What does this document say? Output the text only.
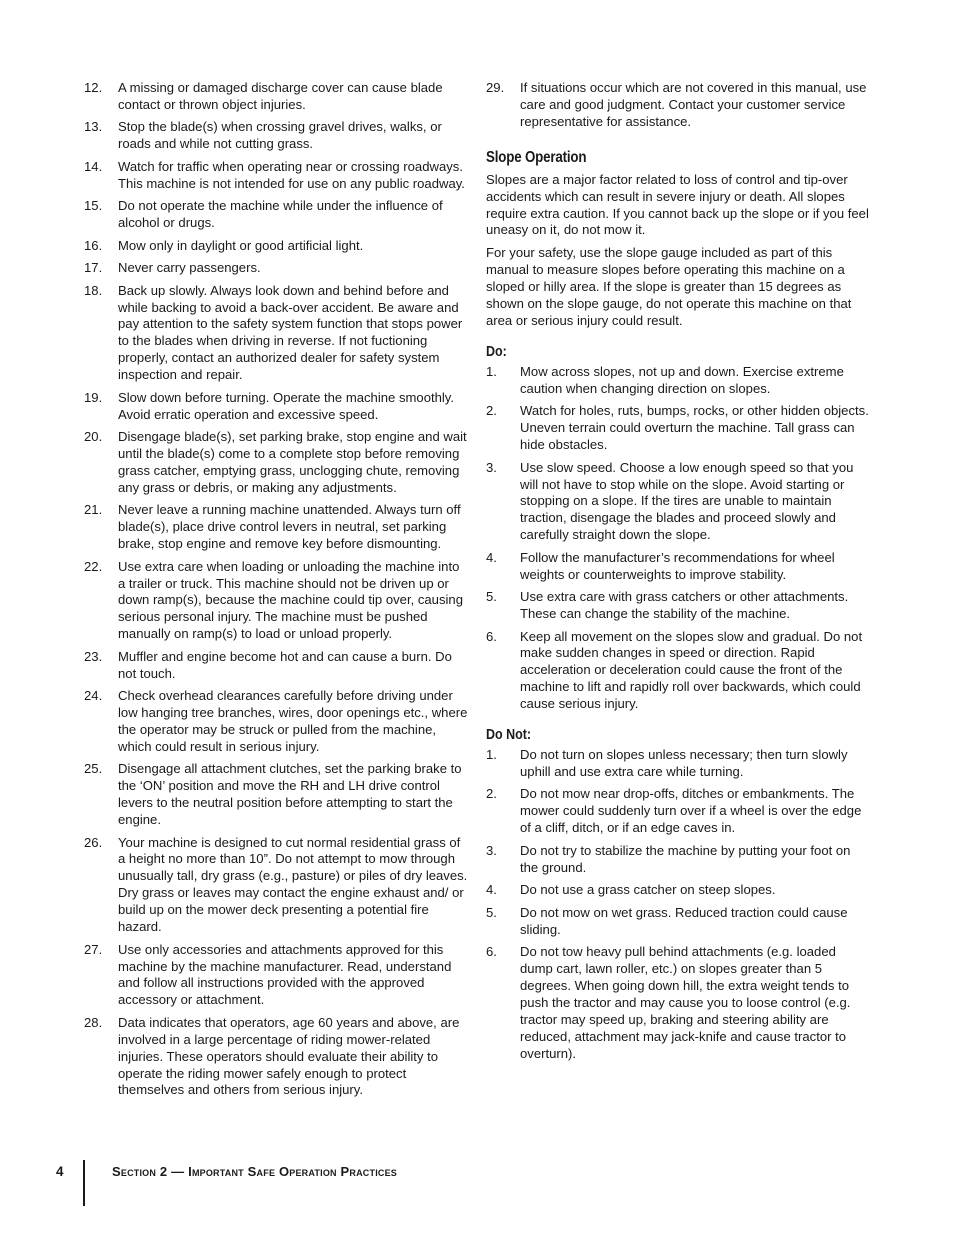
12.	A missing or damaged discharge cover can cause blade contact or thrown object injuries.
13.	Stop the blade(s) when crossing gravel drives, walks, or roads and while not cutting grass.
14.	Watch for traffic when operating near or crossing roadways. This machine is not intended for use on any public roadway.
15.	Do not operate the machine while under the influence of alcohol or drugs.
16.	Mow only in daylight or good artificial light.
17.	Never carry passengers.
18.	Back up slowly. Always look down and behind before and while backing to avoid a back-over accident. Be aware and pay attention to the safety system function that stops power to the blades when driving in reverse. If not fuctioning properly, contact an authorized dealer for safety system inspection and repair.
19.	Slow down before turning. Operate the machine smoothly. Avoid erratic operation and excessive speed.
20.	Disengage blade(s), set parking brake, stop engine and wait until the blade(s) come to a complete stop before removing grass catcher, emptying grass, unclogging chute, removing any grass or debris, or making any adjustments.
21.	Never leave a running machine unattended. Always turn off blade(s), place drive control levers in neutral, set parking brake, stop engine and remove key before dismounting.
22.	Use extra care when loading or unloading the machine into a trailer or truck. This machine should not be driven up or down ramp(s), because the machine could tip over, causing serious personal injury. The machine must be pushed manually on ramp(s) to load or unload properly.
23.	Muffler and engine become hot and can cause a burn. Do not touch.
24.	Check overhead clearances carefully before driving under low hanging tree branches, wires, door openings etc., where the operator may be struck or pulled from the machine, which could result in serious injury.
25.	Disengage all attachment clutches, set the parking brake to the ‘ON’ position and move the RH and LH drive control levers to the neutral position before attempting to start the engine.
26.	Your machine is designed to cut normal residential grass of a height no more than 10”. Do not attempt to mow through unusually tall, dry grass (e.g., pasture) or piles of dry leaves. Dry grass or leaves may contact the engine exhaust and/ or build up on the mower deck presenting a potential fire hazard.
27.	Use only accessories and attachments approved for this machine by the machine manufacturer. Read, understand and follow all instructions provided with the approved accessory or attachment.
28.	Data indicates that operators, age 60 years and above, are involved in a large percentage of riding mower-related injuries. These operators should evaluate their ability to operate the riding mower safely enough to protect themselves and others from serious injury.
29.	If situations occur which are not covered in this manual, use care and good judgment. Contact your customer service representative for assistance.
Slope Operation

Slopes are a major factor related to loss of control and tip-over accidents which can result in severe injury or death. All slopes require extra caution. If you cannot back up the slope or if you feel uneasy on it, do not mow it.

For your safety, use the slope gauge included as part of this manual to measure slopes before operating this machine on a sloped or hilly area. If the slope is greater than 15 degrees as shown on the slope gauge, do not operate this machine on that area or serious injury could result.

Do:
1.	Mow across slopes, not up and down. Exercise extreme caution when changing direction on slopes.
2.	Watch for holes, ruts, bumps, rocks, or other hidden objects. Uneven terrain could overturn the machine. Tall grass can hide obstacles.
3.	Use slow speed. Choose a low enough speed so that you will not have to stop while on the slope. Avoid starting or stopping on a slope. If the tires are unable to maintain traction, disengage the blades and proceed slowly and carefully straight down the slope.
4.	Follow the manufacturer’s recommendations for wheel weights or counterweights to improve stability.
5.	Use extra care with grass catchers or other attachments. These can change the stability of the machine.
6.	Keep all movement on the slopes slow and gradual. Do not make sudden changes in speed or direction. Rapid acceleration or deceleration could cause the front of the machine to lift and rapidly roll over backwards, which could cause serious injury.
Do Not:
1.	Do not turn on slopes unless necessary; then turn slowly uphill and use extra care while turning.
2.	Do not mow near drop-offs, ditches or embankments. The mower could suddenly turn over if a wheel is over the edge of a cliff, ditch, or if an edge caves in.
3.	Do not try to stabilize the machine by putting your foot on the ground.
4.	Do not use a grass catcher on steep slopes.
5.	Do not mow on wet grass. Reduced traction could cause sliding.
6.	Do not tow heavy pull behind attachments (e.g. loaded dump cart, lawn roller, etc.) on slopes greater than 5 degrees. When going down hill, the extra weight tends to push the tractor and may cause you to loose control (e.g. tractor may speed up, braking and steering ability are reduced, attachment may jack-knife and cause tractor to overturn).
4	Section 2 — Important Safe Operation Practices
